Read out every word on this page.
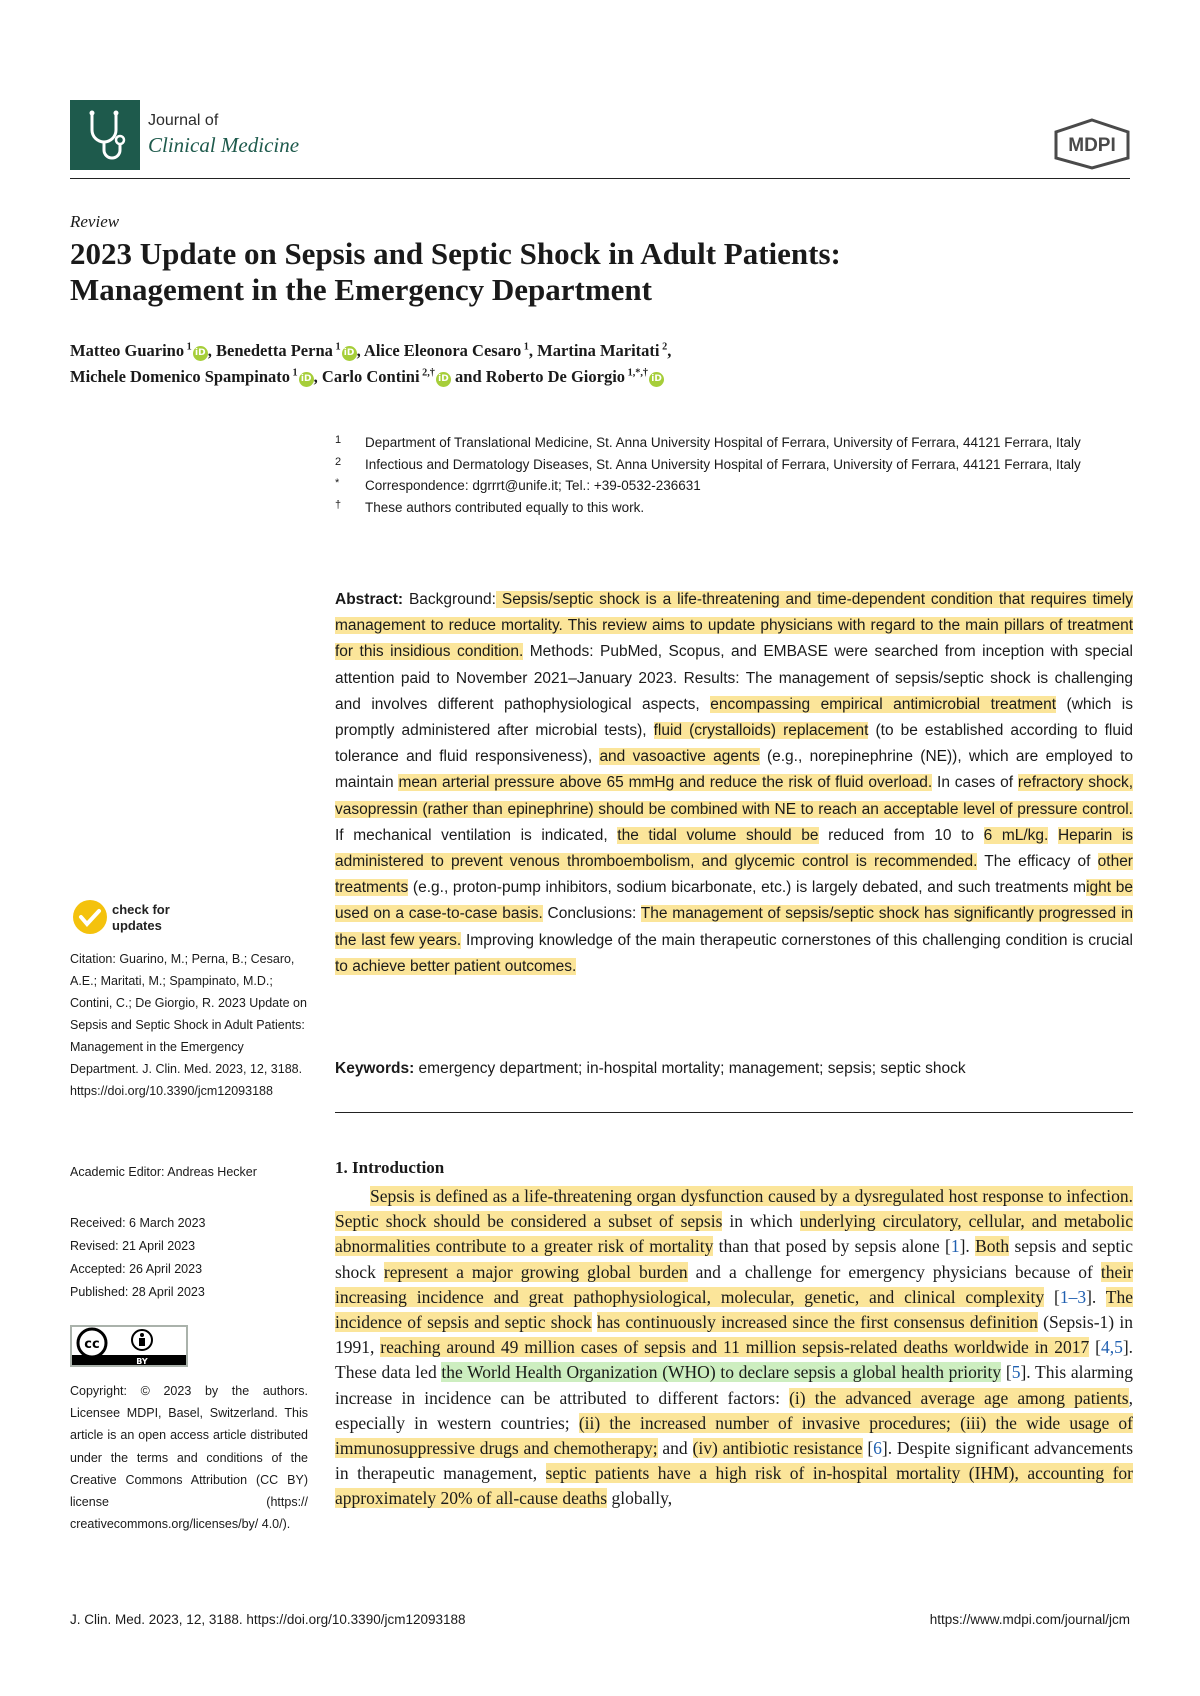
Journal of
Clinical Medicine	MDPI
Review
2023 Update on Sepsis and Septic Shock in Adult Patients:
Management in the Emergency Department
Matteo Guarino $^1$iD , Benedetta Perna $^1$iD , Alice Eleonora Cesaro $^1$, Martina Maritati $^2$,
Michele Domenico Spampinato $^1$iD , Carlo Contini $^{2,\dagger}$iD and Roberto De Giorgio $^{1,*,\dagger}$iD
1 Department of Translational Medicine, St. Anna University Hospital of Ferrara, University of Ferrara, 44121 Ferrara, Italy
2 Infectious and Dermatology Diseases, St. Anna University Hospital of Ferrara, University of Ferrara, 44121 Ferrara, Italy
* Correspondence: dgrrrt@unife.it; Tel.: +39-0532-236631
† These authors contributed equally to this work.
Abstract: Background: Sepsis/septic shock is a life-threatening and time-dependent condition that requires timely management to reduce mortality. This review aims to update physicians with regard to the main pillars of treatment for this insidious condition. Methods: PubMed, Scopus, and EMBASE were searched from inception with special attention paid to November 2021–January 2023. Results: The management of sepsis/septic shock is challenging and involves different pathophysiological aspects, encompassing empirical antimicrobial treatment (which is promptly administered after microbial tests), fluid (crystalloids) replacement (to be established according to fluid tolerance and fluid responsiveness), and vasoactive agents (e.g., norepinephrine (NE)), which are employed to maintain mean arterial pressure above 65 mmHg and reduce the risk of fluid overload. In cases of refractory shock, vasopressin (rather than epinephrine) should be combined with NE to reach an acceptable level of pressure control. If mechanical ventilation is indicated, the tidal volume should be reduced from 10 to 6 mL/kg. Heparin is administered to prevent venous thromboembolism, and glycemic control is recommended. The efficacy of other treatments (e.g., proton-pump inhibitors, sodium bicarbonate, etc.) is largely debated, and such treatments might be used on a case-to-case basis. Conclusions: The management of sepsis/septic shock has significantly progressed in the last few years. Improving knowledge of the main therapeutic cornerstones of this challenging condition is crucial to achieve better patient outcomes.
Keywords: emergency department; in-hospital mortality; management; sepsis; septic shock
1. Introduction
  Sepsis is defined as a life-threatening organ dysfunction caused by a dysregulated host response to infection. Septic shock should be considered a subset of sepsis in which underlying circulatory, cellular, and metabolic abnormalities contribute to a greater risk of mortality than that posed by sepsis alone [1]. Both sepsis and septic shock represent a major growing global burden and a challenge for emergency physicians because of their increasing incidence and great pathophysiological, molecular, genetic, and clinical complexity [1–3]. The incidence of sepsis and septic shock has continuously increased since the first consensus definition (Sepsis-1) in 1991, reaching around 49 million cases of sepsis and 11 million sepsis-related deaths worldwide in 2017 [4,5]. These data led the World Health Organization (WHO) to declare sepsis a global health priority [5]. This alarming increase in incidence can be attributed to different factors: (i) the advanced average age among patients, especially in western countries; (ii) the increased number of invasive procedures; (iii) the wide usage of immunosuppressive drugs and chemotherapy; and (iv) antibiotic resistance [6]. Despite significant advancements in therapeutic management, septic patients have a high risk of in-hospital mortality (IHM), accounting for approximately 20% of all-cause deaths globally,
check for
updates
Citation: Guarino, M.; Perna, B.; Cesaro, A.E.; Maritati, M.; Spampinato, M.D.; Contini, C.; De Giorgio, R. 2023 Update on Sepsis and Septic Shock in Adult Patients: Management in the Emergency Department. J. Clin. Med. 2023, 12, 3188. https://doi.org/10.3390/jcm12093188
Academic Editor: Andreas Hecker
Received: 6 March 2023
Revised: 21 April 2023
Accepted: 26 April 2023
Published: 28 April 2023
cc
BY
Copyright: © 2023 by the authors. Licensee MDPI, Basel, Switzerland. This article is an open access article distributed under the terms and conditions of the Creative Commons Attribution (CC BY) license (https:// creativecommons.org/licenses/by/ 4.0/).
J. Clin. Med. 2023, 12, 3188. https://doi.org/10.3390/jcm12093188	https://www.mdpi.com/journal/jcm
